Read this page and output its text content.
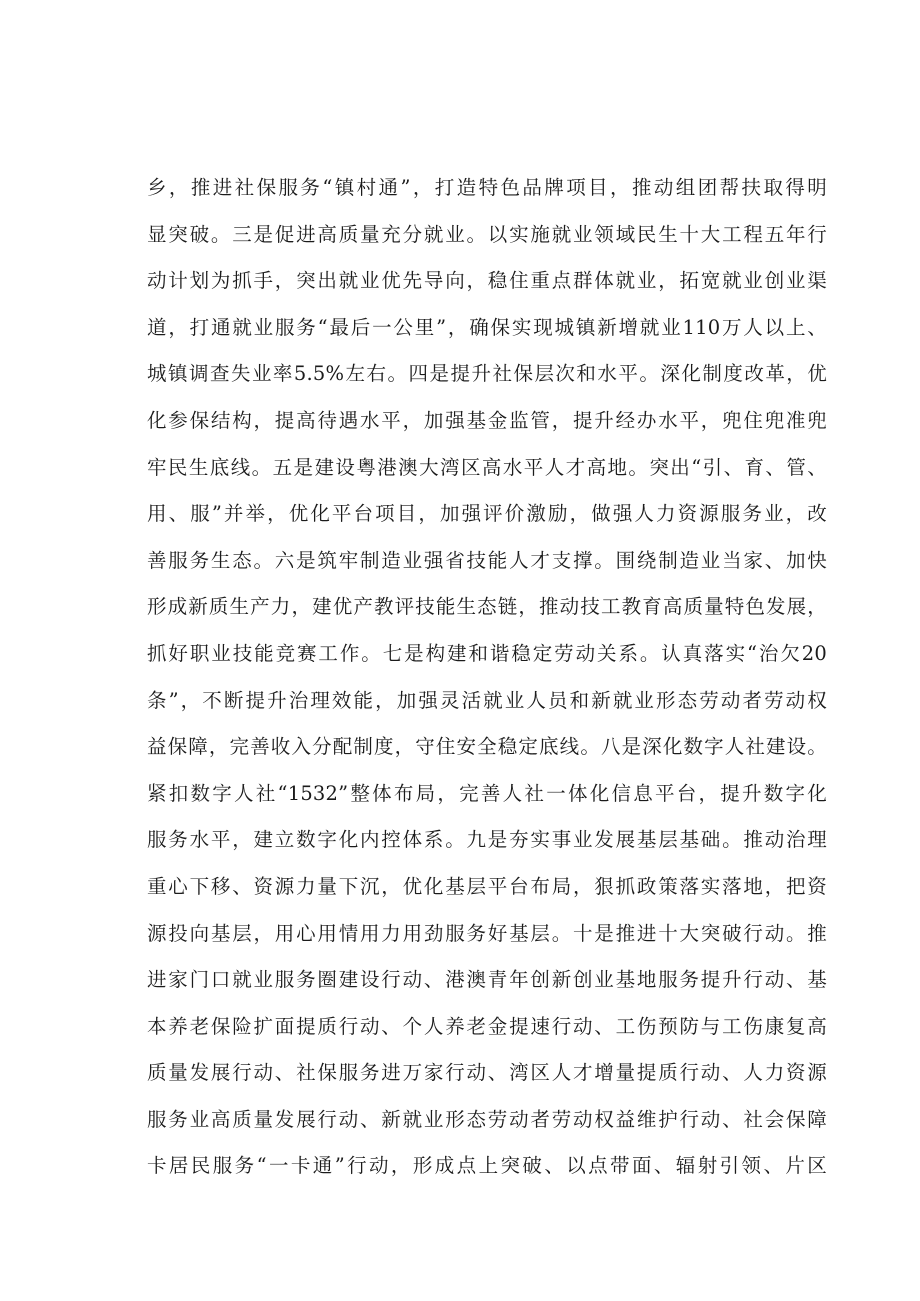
乡，推进社保服务“镇村通”，打造特色品牌项目，推动组团帮扶取得明
显突破。三是促进高质量充分就业。以实施就业领域民生十大工程五年行
动计划为抓手，突出就业优先导向，稳住重点群体就业，拓宽就业创业渠
道，打通就业服务“最后一公里”，确保实现城镇新增就业110万人以上、
城镇调查失业率5.5%左右。四是提升社保层次和水平。深化制度改革，优
化参保结构，提高待遇水平，加强基金监管，提升经办水平，兜住兜准兜
牢民生底线。五是建设粤港澳大湾区高水平人才高地。突出“引、育、管、
用、服”并举，优化平台项目，加强评价激励，做强人力资源服务业，改
善服务生态。六是筑牢制造业强省技能人才支撑。围绕制造业当家、加快
形成新质生产力，建优产教评技能生态链，推动技工教育高质量特色发展，
抓好职业技能竞赛工作。七是构建和谐稳定劳动关系。认真落实“治欠20
条”，不断提升治理效能，加强灵活就业人员和新就业形态劳动者劳动权
益保障，完善收入分配制度，守住安全稳定底线。八是深化数字人社建设。
紧扣数字人社“1532”整体布局，完善人社一体化信息平台，提升数字化
服务水平，建立数字化内控体系。九是夯实事业发展基层基础。推动治理
重心下移、资源力量下沉，优化基层平台布局，狠抓政策落实落地，把资
源投向基层，用心用情用力用劲服务好基层。十是推进十大突破行动。推
进家门口就业服务圈建设行动、港澳青年创新创业基地服务提升行动、基
本养老保险扩面提质行动、个人养老金提速行动、工伤预防与工伤康复高
质量发展行动、社保服务进万家行动、湾区人才增量提质行动、人力资源
服务业高质量发展行动、新就业形态劳动者劳动权益维护行动、社会保障
卡居民服务“一卡通”行动，形成点上突破、以点带面、辐射引领、片区
